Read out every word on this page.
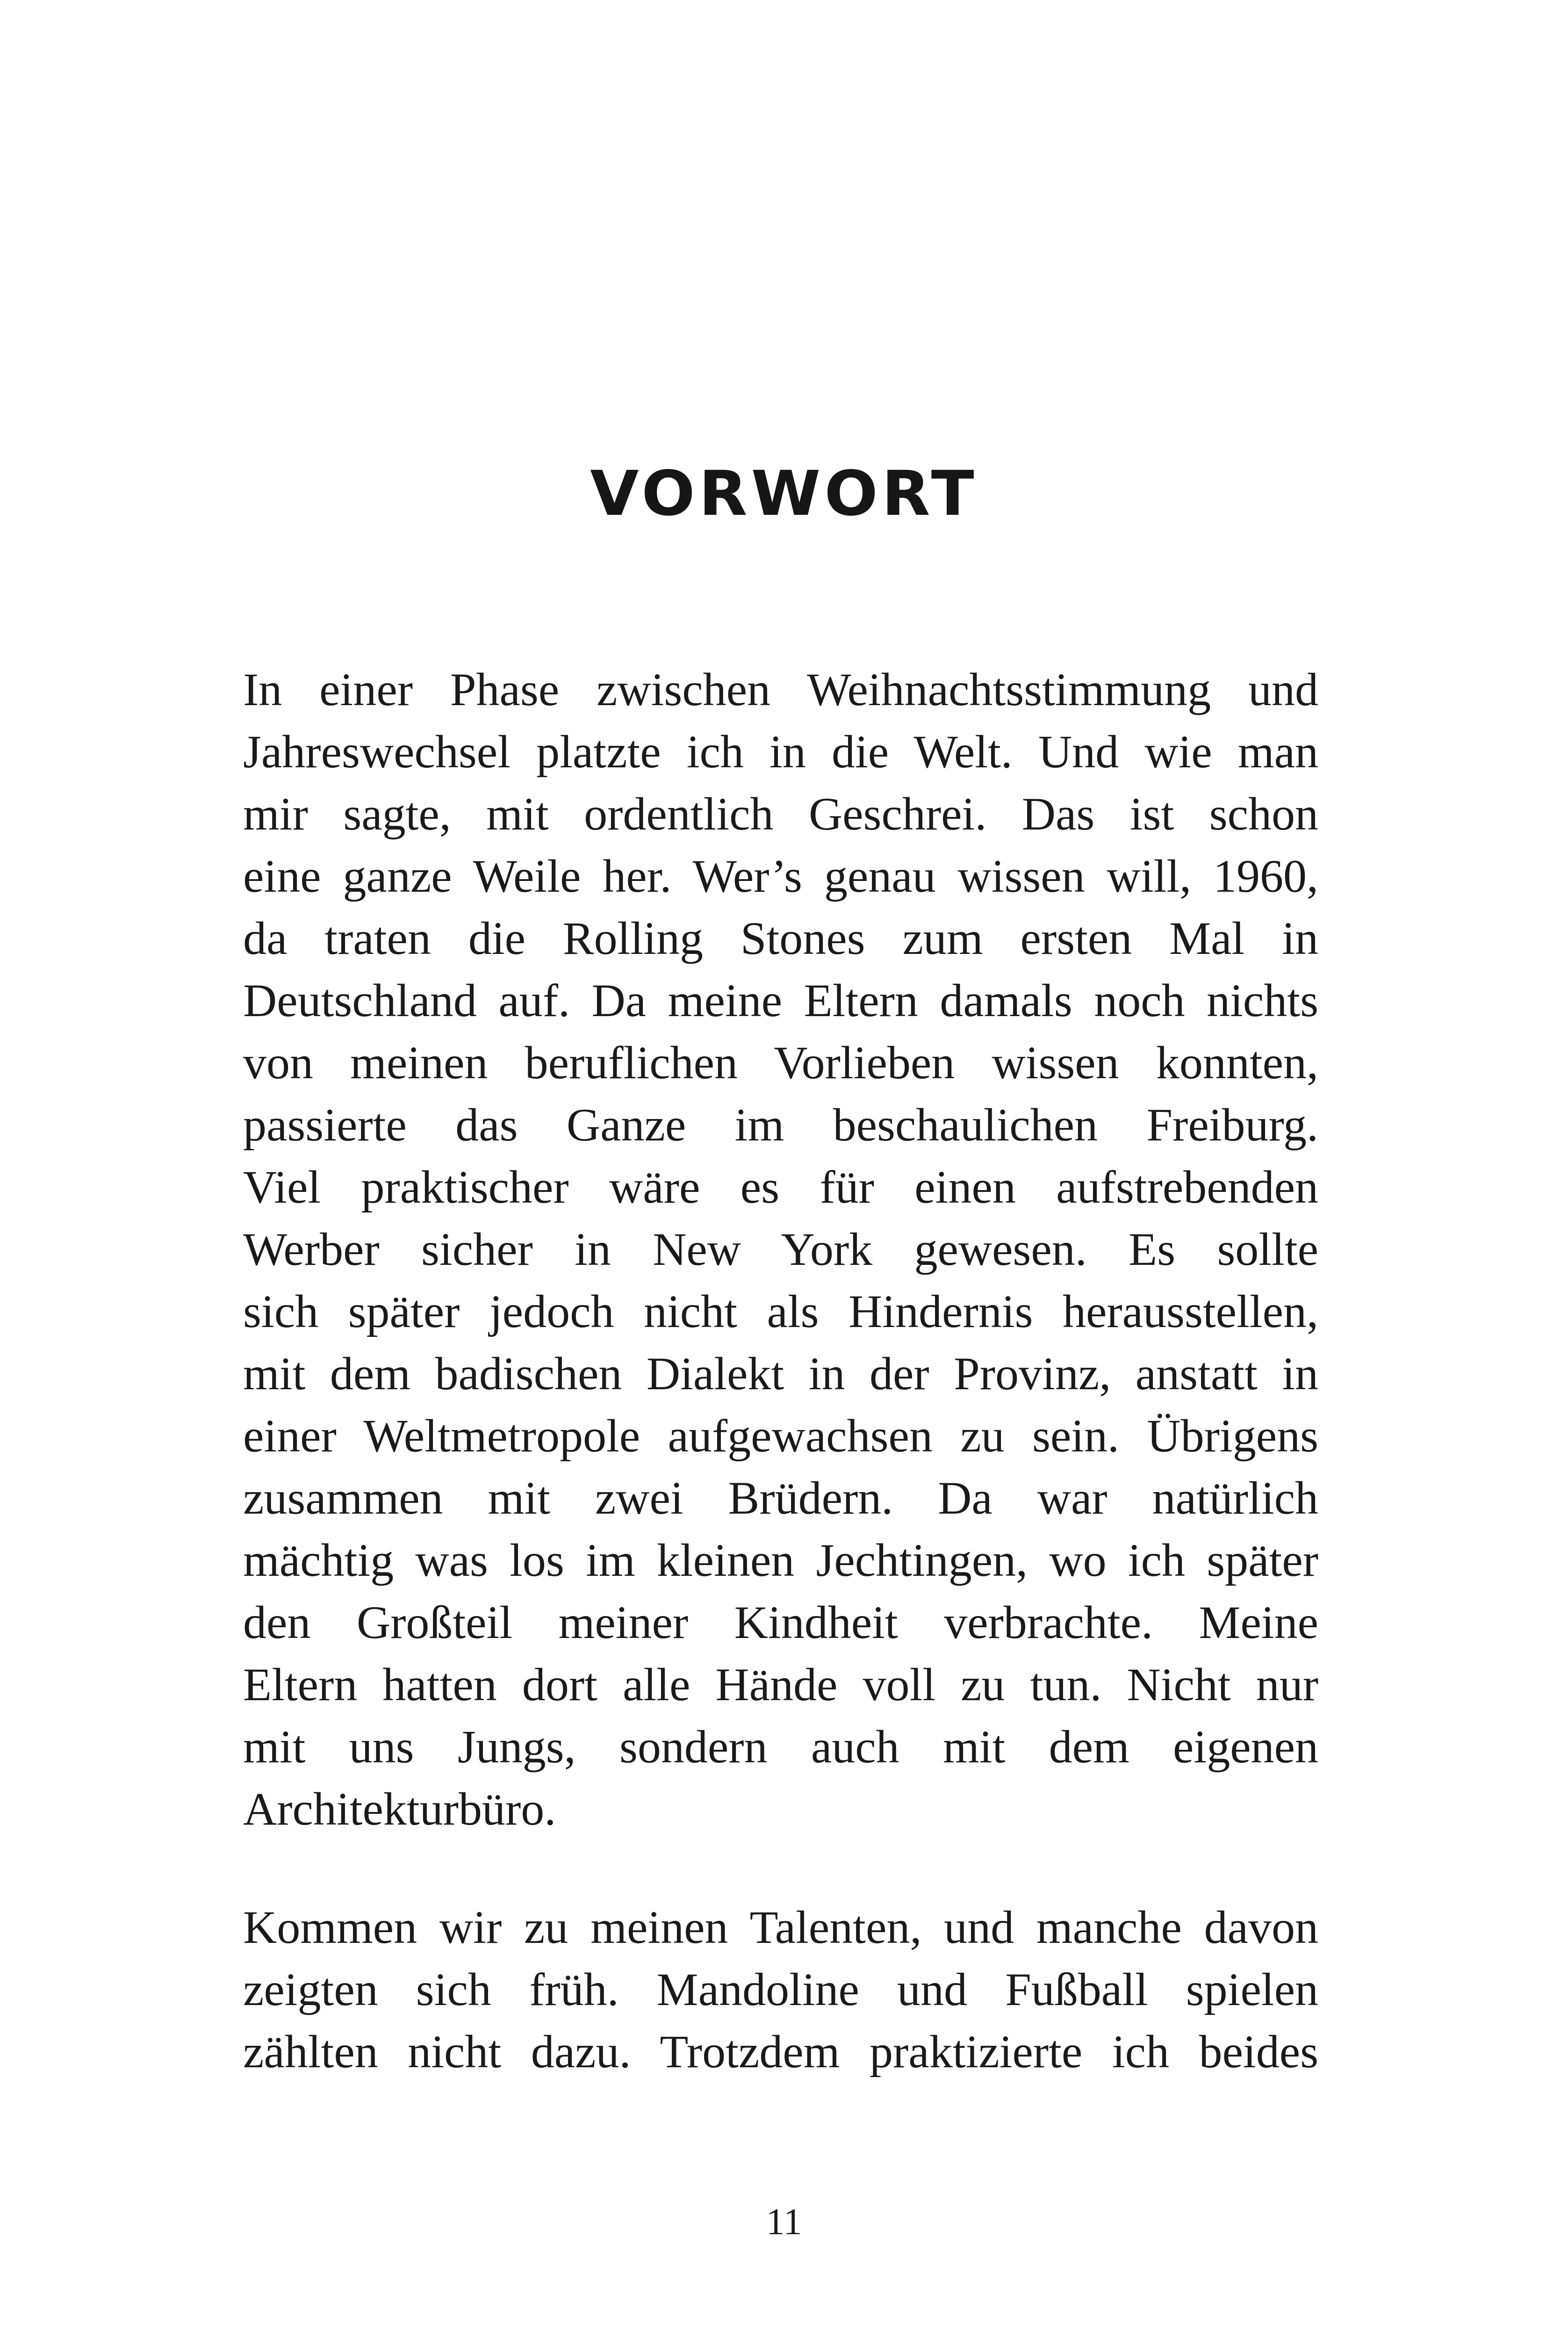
VORWORT
In einer Phase zwischen Weihnachtsstimmung und
Jahreswechsel platzte ich in die Welt. Und wie man
mir sagte, mit ordentlich Geschrei. Das ist schon
eine ganze Weile her. Wer’s genau wissen will, 1960,
da traten die Rolling Stones zum ersten Mal in
Deutschland auf. Da meine Eltern damals noch nichts
von meinen beruflichen Vorlieben wissen konnten,
passierte das Ganze im beschaulichen Freiburg.
Viel praktischer wäre es für einen aufstrebenden
Werber sicher in New York gewesen. Es sollte
sich später jedoch nicht als Hindernis herausstellen,
mit dem badischen Dialekt in der Provinz, anstatt in
einer Weltmetropole aufgewachsen zu sein. Übrigens
zusammen mit zwei Brüdern. Da war natürlich
mächtig was los im kleinen Jechtingen, wo ich später
den Großteil meiner Kindheit verbrachte. Meine
Eltern hatten dort alle Hände voll zu tun. Nicht nur
mit uns Jungs, sondern auch mit dem eigenen
Architekturbüro.
Kommen wir zu meinen Talenten, und manche davon
zeigten sich früh. Mandoline und Fußball spielen
zählten nicht dazu. Trotzdem praktizierte ich beides
11
